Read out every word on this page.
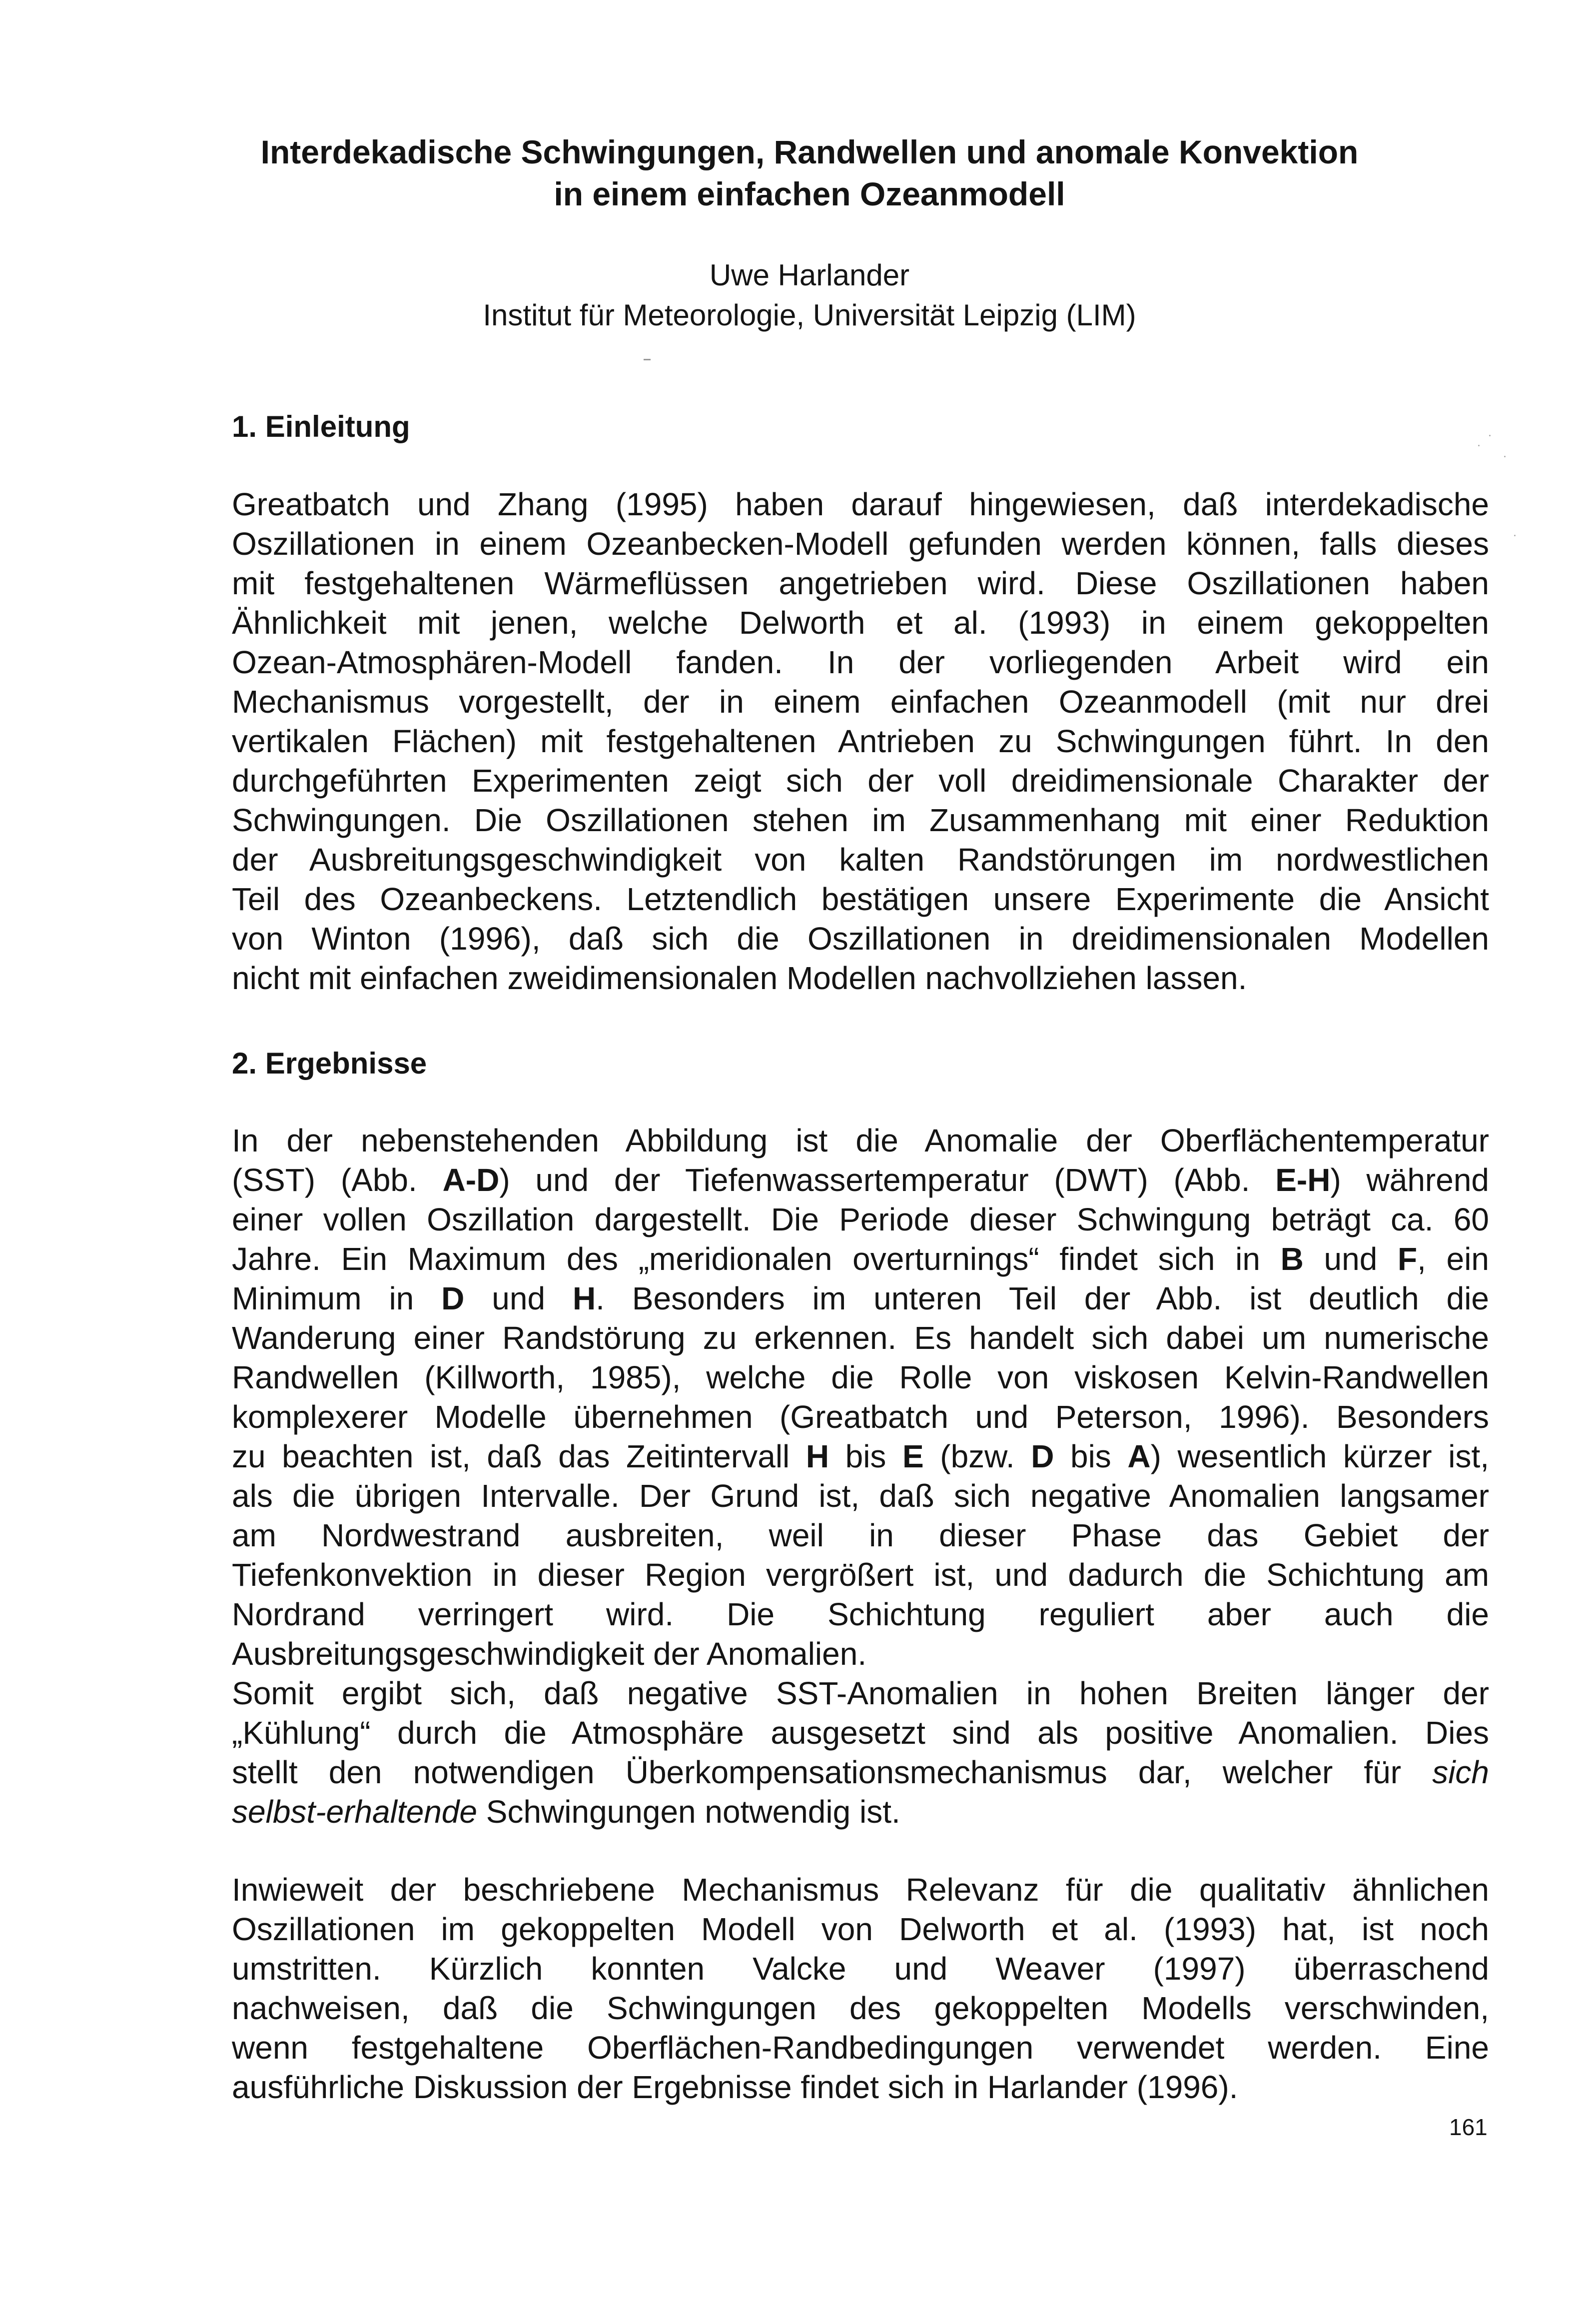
Interdekadische Schwingungen, Randwellen und anomale Konvektion
in einem einfachen Ozeanmodell

Uwe Harlander

Institut für Meteorologie, Universität Leipzig (LIM)

1. Einleitung
Greatbatch und Zhang (1995) haben darauf hingewiesen, daß interdekadische
Oszillationen in einem Ozeanbecken-Modell gefunden werden können, falls dieses
mit festgehaltenen Wärmeflüssen angetrieben wird. Diese Oszillationen haben
Ähnlichkeit mit jenen, welche Delworth et al. (1993) in einem gekoppelten
Ozean-Atmosphären-Modell fanden. In der vorliegenden Arbeit wird ein
Mechanismus vorgestellt, der in einem einfachen Ozeanmodell (mit nur drei
vertikalen Flächen) mit festgehaltenen Antrieben zu Schwingungen führt. In den
durchgeführten Experimenten zeigt sich der voll dreidimensionale Charakter der
Schwingungen. Die Oszillationen stehen im Zusammenhang mit einer Reduktion
der Ausbreitungsgeschwindigkeit von kalten Randstörungen im nordwestlichen
Teil des Ozeanbeckens. Letztendlich bestätigen unsere Experimente die Ansicht
von Winton (1996), daß sich die Oszillationen in dreidimensionalen Modellen
nicht mit einfachen zweidimensionalen Modellen nachvollziehen lassen.
2. Ergebnisse
In der nebenstehenden Abbildung ist die Anomalie der Oberflächentemperatur
(SST) (Abb. A-D) und der Tiefenwassertemperatur (DWT) (Abb. E-H) während
einer vollen Oszillation dargestellt. Die Periode dieser Schwingung beträgt ca. 60
Jahre. Ein Maximum des „meridionalen overturnings“ findet sich in B und F, ein
Minimum in D und H. Besonders im unteren Teil der Abb. ist deutlich die
Wanderung einer Randstörung zu erkennen. Es handelt sich dabei um numerische
Randwellen (Killworth, 1985), welche die Rolle von viskosen Kelvin-Randwellen
komplexerer Modelle übernehmen (Greatbatch und Peterson, 1996). Besonders
zu beachten ist, daß das Zeitintervall H bis E (bzw. D bis A) wesentlich kürzer ist,
als die übrigen Intervalle. Der Grund ist, daß sich negative Anomalien langsamer
am Nordwestrand ausbreiten, weil in dieser Phase das Gebiet der
Tiefenkonvektion in dieser Region vergrößert ist, und dadurch die Schichtung am
Nordrand verringert wird. Die Schichtung reguliert aber auch die
Ausbreitungsgeschwindigkeit der Anomalien.
Somit ergibt sich, daß negative SST-Anomalien in hohen Breiten länger der
„Kühlung“ durch die Atmosphäre ausgesetzt sind als positive Anomalien. Dies
stellt den notwendigen Überkompensationsmechanismus dar, welcher für sich
selbst-erhaltende Schwingungen notwendig ist.
Inwieweit der beschriebene Mechanismus Relevanz für die qualitativ ähnlichen
Oszillationen im gekoppelten Modell von Delworth et al. (1993) hat, ist noch
umstritten. Kürzlich konnten Valcke und Weaver (1997) überraschend
nachweisen, daß die Schwingungen des gekoppelten Modells verschwinden,
wenn festgehaltene Oberflächen-Randbedingungen verwendet werden. Eine
ausführliche Diskussion der Ergebnisse findet sich in Harlander (1996).
161
